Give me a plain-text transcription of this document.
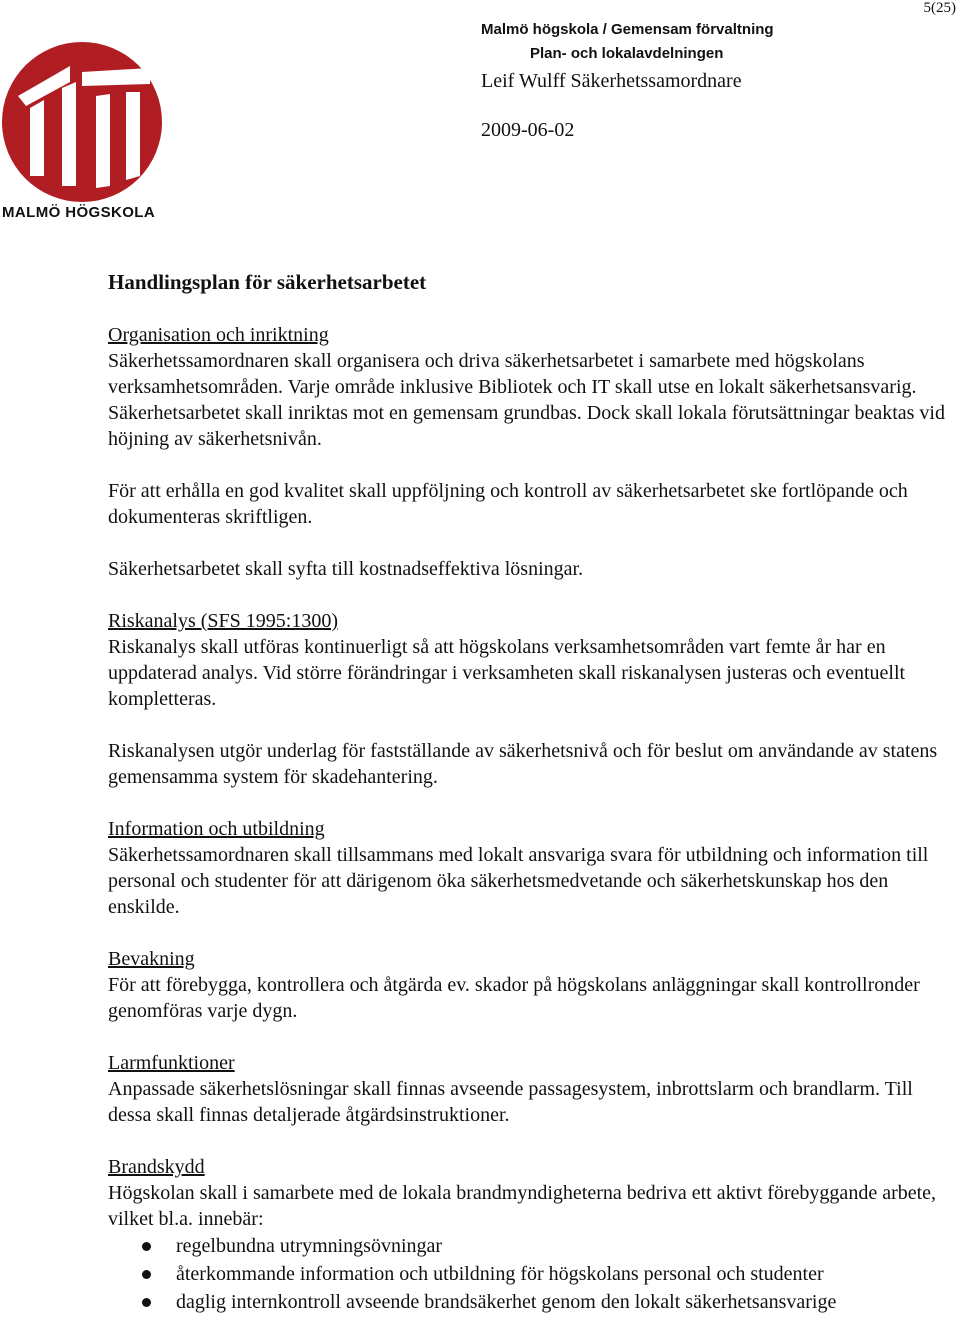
5(25)
MALMÖ HÖGSKOLA
Malmö högskola / Gemensam förvaltning
Plan- och lokalavdelningen
Leif Wulff Säkerhetssamordnare
2009-06-02
Handlingsplan för säkerhetsarbetet
Organisation och inriktning

Säkerhetssamordnaren skall organisera och driva säkerhetsarbetet i samarbete med högskolans verksamhetsområden. Varje område inklusive Bibliotek och IT skall utse en lokalt säkerhetsansvarig. Säkerhetsarbetet skall inriktas mot en gemensam grundbas. Dock skall lokala förutsättningar beaktas vid höjning av säkerhetsnivån.

För att erhålla en god kvalitet skall uppföljning och kontroll av säkerhetsarbetet ske fortlöpande och dokumenteras skriftligen.

Säkerhetsarbetet skall syfta till kostnadseffektiva lösningar.

Riskanalys (SFS 1995:1300)

Riskanalys skall utföras kontinuerligt så att högskolans verksamhetsområden vart femte år har en uppdaterad analys. Vid större förändringar i verksamheten skall riskanalysen justeras och eventuellt kompletteras.

Riskanalysen utgör underlag för fastställande av säkerhetsnivå och för beslut om användande av statens gemensamma system för skadehantering.

Information och utbildning

Säkerhetssamordnaren skall tillsammans med lokalt ansvariga svara för utbildning och information till personal och studenter för att därigenom öka säkerhetsmedvetande och säkerhetskunskap hos den enskilde.

Bevakning

För att förebygga, kontrollera och åtgärda ev. skador på högskolans anläggningar skall kontrollronder genomföras varje dygn.

Larmfunktioner

Anpassade säkerhetslösningar skall finnas avseende passagesystem, inbrottslarm och brandlarm. Till dessa skall finnas detaljerade åtgärdsinstruktioner.

Brandskydd

Högskolan skall i samarbete med de lokala brandmyndigheterna bedriva ett aktivt förebyggande arbete, vilket bl.a. innebär:

regelbundna utrymningsövningar
återkommande information och utbildning för högskolans personal och studenter
daglig internkontroll avseende brandsäkerhet genom den lokalt säkerhetsansvarige
